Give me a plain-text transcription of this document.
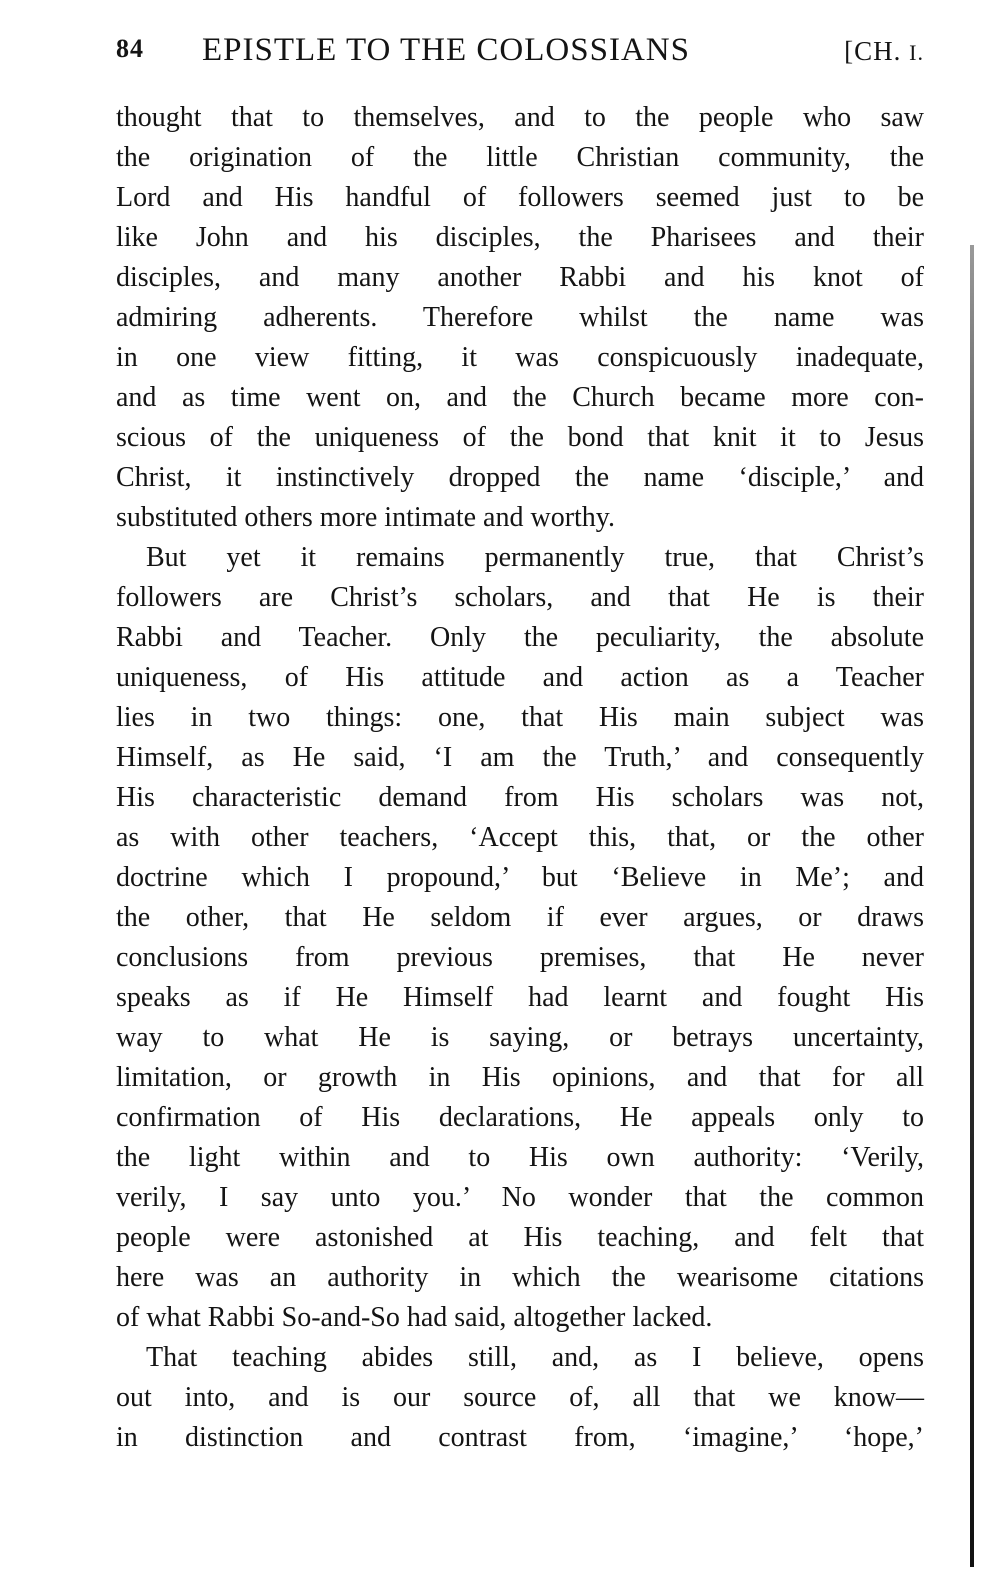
84 EPISTLE TO THE COLOSSIANS	[CH. I.
thought that to themselves, and to the people who saw
the origination of the little Christian community, the
Lord and His handful of followers seemed just to be
like John and his disciples, the Pharisees and their
disciples, and many another Rabbi and his knot of
admiring adherents. Therefore whilst the name was
in one view fitting, it was conspicuously inadequate,
and as time went on, and the Church became more con-
scious of the uniqueness of the bond that knit it to Jesus
Christ, it instinctively dropped the name ‘disciple,’ and
substituted others more intimate and worthy.
But yet it remains permanently true, that Christ’s
followers are Christ’s scholars, and that He is their
Rabbi and Teacher. Only the peculiarity, the absolute
uniqueness, of His attitude and action as a Teacher
lies in two things: one, that His main subject was
Himself, as He said, ‘I am the Truth,’ and consequently
His characteristic demand from His scholars was not,
as with other teachers, ‘Accept this, that, or the other
doctrine which I propound,’ but ‘Believe in Me’; and
the other, that He seldom if ever argues, or draws
conclusions from previous premises, that He never
speaks as if He Himself had learnt and fought His
way to what He is saying, or betrays uncertainty,
limitation, or growth in His opinions, and that for all
confirmation of His declarations, He appeals only to
the light within and to His own authority: ‘Verily,
verily, I say unto you.’ No wonder that the common
people were astonished at His teaching, and felt that
here was an authority in which the wearisome citations
of what Rabbi So-and-So had said, altogether lacked.
That teaching abides still, and, as I believe, opens
out into, and is our source of, all that we know—
in distinction and contrast from, ‘imagine,’ ‘hope,’
